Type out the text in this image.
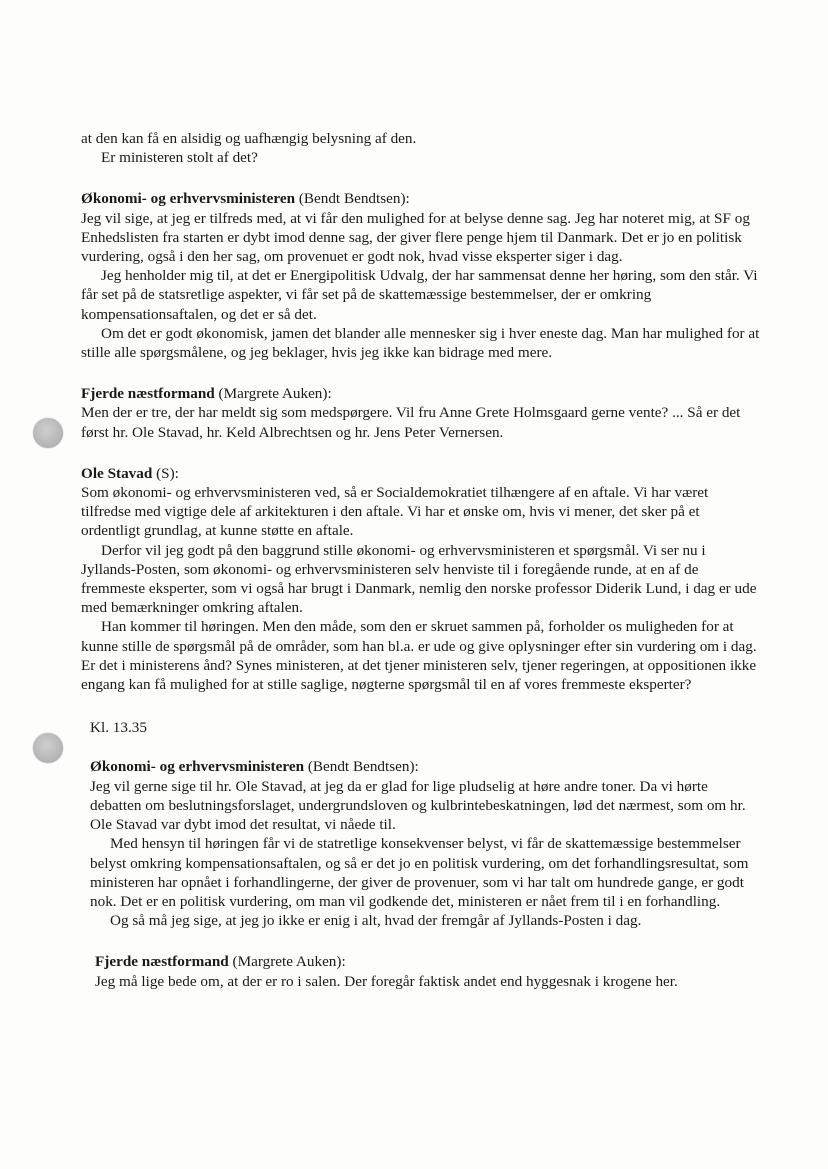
at den kan få en alsidig og uafhængig belysning af den.

Er ministeren stolt af det?

Økonomi- og erhvervsministeren (Bendt Bendtsen):

Jeg vil sige, at jeg er tilfreds med, at vi får den mulighed for at belyse denne sag. Jeg har noteret mig, at SF og Enhedslisten fra starten er dybt imod denne sag, der giver flere penge hjem til Danmark. Det er jo en politisk vurdering, også i den her sag, om provenuet er godt nok, hvad visse eksperter siger i dag.

Jeg henholder mig til, at det er Energipolitisk Udvalg, der har sammensat denne her høring, som den står. Vi får set på de statsretlige aspekter, vi får set på de skattemæssige bestemmelser, der er omkring kompensationsaftalen, og det er så det.

Om det er godt økonomisk, jamen det blander alle mennesker sig i hver eneste dag. Man har mulighed for at stille alle spørgsmålene, og jeg beklager, hvis jeg ikke kan bidrage med mere.

Fjerde næstformand (Margrete Auken):

Men der er tre, der har meldt sig som medspørgere. Vil fru Anne Grete Holmsgaard gerne vente? ... Så er det først hr. Ole Stavad, hr. Keld Albrechtsen og hr. Jens Peter Vernersen.

Ole Stavad (S):

Som økonomi- og erhvervsministeren ved, så er Socialdemokratiet tilhængere af en aftale. Vi har været tilfredse med vigtige dele af arkitekturen i den aftale. Vi har et ønske om, hvis vi mener, det sker på et ordentligt grundlag, at kunne støtte en aftale.

Derfor vil jeg godt på den baggrund stille økonomi- og erhvervsministeren et spørgsmål. Vi ser nu i Jyllands-Posten, som økonomi- og erhvervsministeren selv henviste til i foregående runde, at en af de fremmeste eksperter, som vi også har brugt i Danmark, nemlig den norske professor Diderik Lund, i dag er ude med bemærkninger omkring aftalen.

Han kommer til høringen. Men den måde, som den er skruet sammen på, forholder os muligheden for at kunne stille de spørgsmål på de områder, som han bl.a. er ude og give oplysninger efter sin vurdering om i dag. Er det i ministerens ånd? Synes ministeren, at det tjener ministeren selv, tjener regeringen, at oppositionen ikke engang kan få mulighed for at stille saglige, nøgterne spørgsmål til en af vores fremmeste eksperter?

Kl. 13.35

Økonomi- og erhvervsministeren (Bendt Bendtsen):

Jeg vil gerne sige til hr. Ole Stavad, at jeg da er glad for lige pludselig at høre andre toner. Da vi hørte debatten om beslutningsforslaget, undergrundsloven og kulbrintebeskatningen, lød det nærmest, som om hr. Ole Stavad var dybt imod det resultat, vi nåede til.

Med hensyn til høringen får vi de statretlige konsekvenser belyst, vi får de skattemæssige bestemmelser belyst omkring kompensationsaftalen, og så er det jo en politisk vurdering, om det forhandlingsresultat, som ministeren har opnået i forhandlingerne, der giver de provenuer, som vi har talt om hundrede gange, er godt nok. Det er en politisk vurdering, om man vil godkende det, ministeren er nået frem til i en forhandling.

Og så må jeg sige, at jeg jo ikke er enig i alt, hvad der fremgår af Jyllands-Posten i dag.

Fjerde næstformand (Margrete Auken):

Jeg må lige bede om, at der er ro i salen. Der foregår faktisk andet end hyggesnak i krogene her.
